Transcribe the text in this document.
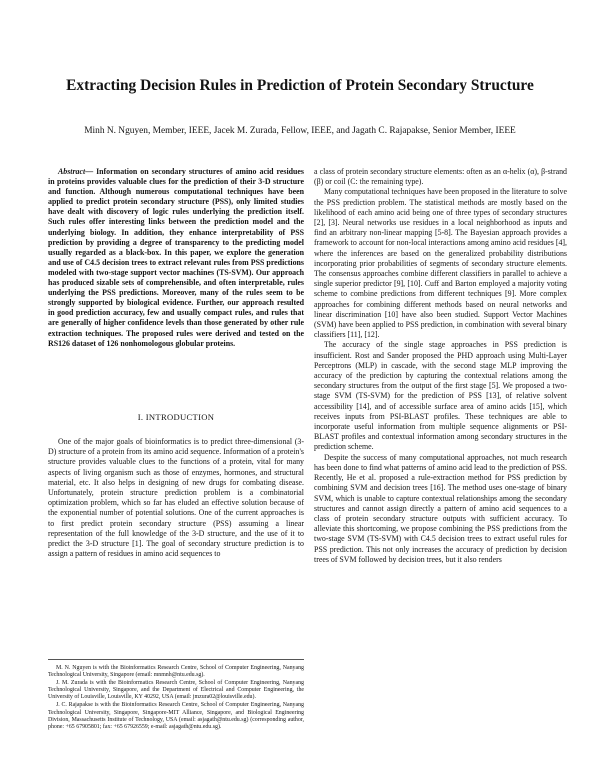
Extracting Decision Rules in Prediction of Protein Secondary Structure
Minh N. Nguyen, Member, IEEE, Jacek M. Zurada, Fellow, IEEE, and Jagath C. Rajapakse, Senior Member, IEEE

Abstract— Information on secondary structures of amino acid residues in proteins provides valuable clues for the prediction of their 3-D structure and function. Although numerous computational techniques have been applied to predict protein secondary structure (PSS), only limited studies have dealt with discovery of logic rules underlying the prediction itself. Such rules offer interesting links between the prediction model and the underlying biology. In addition, they enhance interpretability of PSS prediction by providing a degree of transparency to the predicting model usually regarded as a black-box. In this paper, we explore the generation and use of C4.5 decision trees to extract relevant rules from PSS predictions modeled with two-stage support vector machines (TS-SVM). Our approach has produced sizable sets of comprehensible, and often interpretable, rules underlying the PSS predictions. Moreover, many of the rules seem to be strongly supported by biological evidence. Further, our approach resulted in good prediction accuracy, few and usually compact rules, and rules that are generally of higher confidence levels than those generated by other rule extraction techniques. The proposed rules were derived and tested on the RS126 dataset of 126 nonhomologous globular proteins.

I. INTRODUCTION

One of the major goals of bioinformatics is to predict three-dimensional (3-D) structure of a protein from its amino acid sequence. Information of a protein's structure provides valuable clues to the functions of a protein, vital for many aspects of living organism such as those of enzymes, hormones, and structural material, etc. It also helps in designing of new drugs for combating disease. Unfortunately, protein structure prediction problem is a combinatorial optimization problem, which so far has eluded an effective solution because of the exponential number of potential solutions. One of the current approaches is to first predict protein secondary structure (PSS) assuming a linear representation of the full knowledge of the 3-D structure, and the use of it to predict the 3-D structure [1]. The goal of secondary structure prediction is to assign a pattern of residues in amino acid sequences to

M. N. Nguyen is with the Bioinformatics Research Centre, School of Computer Engineering, Nanyang Technological University, Singapore (email: mnmnh@ntu.edu.sg).

J. M. Zurada is with the Bioinformatics Research Centre, School of Computer Engineering, Nanyang Technological University, Singapore, and the Department of Electrical and Computer Engineering, the University of Louisville, Louisville, KY 40292, USA (email: jmzura02@louisville.edu).

J. C. Rajapakse is with the Bioinformatics Research Centre, School of Computer Engineering, Nanyang Technological University, Singapore, Singapore-MIT Alliance, Singapore, and Biological Engineering Division, Massachusetts Institute of Technology, USA (email: asjagath@ntu.edu.sg) (corresponding author, phone: +65 67905801; fax: +65 67926559; e-mail: asjagath@ntu.edu.sg).

a class of protein secondary structure elements: often as an α-helix (α), β-strand (β) or coil (C: the remaining type).

Many computational techniques have been proposed in the literature to solve the PSS prediction problem. The statistical methods are mostly based on the likelihood of each amino acid being one of three types of secondary structures [2], [3]. Neural networks use residues in a local neighborhood as inputs and find an arbitrary non-linear mapping [5-8]. The Bayesian approach provides a framework to account for non-local interactions among amino acid residues [4], where the inferences are based on the generalized probability distributions incorporating prior probabilities of segments of secondary structure elements. The consensus approaches combine different classifiers in parallel to achieve a single superior predictor [9], [10]. Cuff and Barton employed a majority voting scheme to combine predictions from different techniques [9]. More complex approaches for combining different methods based on neural networks and linear discrimination [10] have also been studied. Support Vector Machines (SVM) have been applied to PSS prediction, in combination with several binary classifiers [11], [12].

The accuracy of the single stage approaches in PSS prediction is insufficient. Rost and Sander proposed the PHD approach using Multi-Layer Perceptrons (MLP) in cascade, with the second stage MLP improving the accuracy of the prediction by capturing the contextual relations among the secondary structures from the output of the first stage [5]. We proposed a two-stage SVM (TS-SVM) for the prediction of PSS [13], of relative solvent accessibility [14], and of accessible surface area of amino acids [15], which receives inputs from PSI-BLAST profiles. These techniques are able to incorporate useful information from multiple sequence alignments or PSI-BLAST profiles and contextual information among secondary structures in the prediction scheme.

Despite the success of many computational approaches, not much research has been done to find what patterns of amino acid lead to the prediction of PSS. Recently, He et al. proposed a rule-extraction method for PSS prediction by combining SVM and decision trees [16]. The method uses one-stage of binary SVM, which is unable to capture contextual relationships among the secondary structures and cannot assign directly a pattern of amino acid sequences to a class of protein secondary structure outputs with sufficient accuracy. To alleviate this shortcoming, we propose combining the PSS predictions from the two-stage SVM (TS-SVM) with C4.5 decision trees to extract useful rules for PSS prediction. This not only increases the accuracy of prediction by decision trees of SVM followed by decision trees, but it also renders
